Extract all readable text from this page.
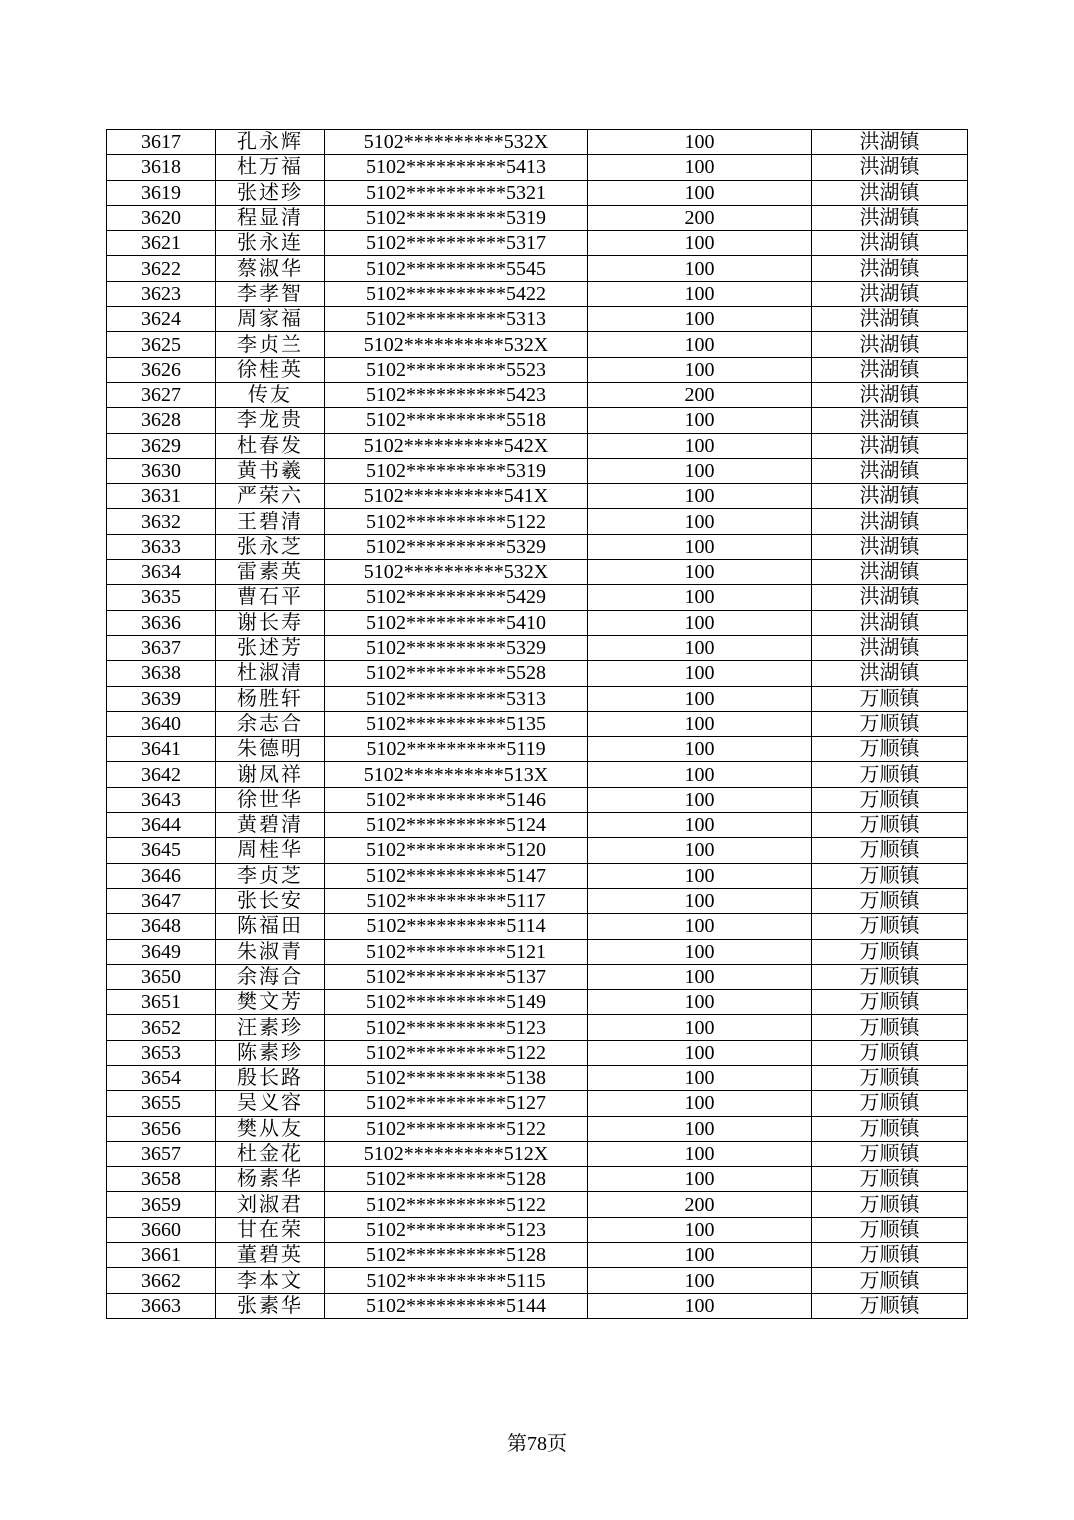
3617	孔永辉	5102**********532X	100	洪湖镇
3618	杜万福	5102**********5413	100	洪湖镇
3619	张述珍	5102**********5321	100	洪湖镇
3620	程显清	5102**********5319	200	洪湖镇
3621	张永连	5102**********5317	100	洪湖镇
3622	蔡淑华	5102**********5545	100	洪湖镇
3623	李孝智	5102**********5422	100	洪湖镇
3624	周家福	5102**********5313	100	洪湖镇
3625	李贞兰	5102**********532X	100	洪湖镇
3626	徐桂英	5102**********5523	100	洪湖镇
3627	传友	5102**********5423	200	洪湖镇
3628	李龙贵	5102**********5518	100	洪湖镇
3629	杜春发	5102**********542X	100	洪湖镇
3630	黄书羲	5102**********5319	100	洪湖镇
3631	严荣六	5102**********541X	100	洪湖镇
3632	王碧清	5102**********5122	100	洪湖镇
3633	张永芝	5102**********5329	100	洪湖镇
3634	雷素英	5102**********532X	100	洪湖镇
3635	曹石平	5102**********5429	100	洪湖镇
3636	谢长寿	5102**********5410	100	洪湖镇
3637	张述芳	5102**********5329	100	洪湖镇
3638	杜淑清	5102**********5528	100	洪湖镇
3639	杨胜轩	5102**********5313	100	万顺镇
3640	余志合	5102**********5135	100	万顺镇
3641	朱德明	5102**********5119	100	万顺镇
3642	谢凤祥	5102**********513X	100	万顺镇
3643	徐世华	5102**********5146	100	万顺镇
3644	黄碧清	5102**********5124	100	万顺镇
3645	周桂华	5102**********5120	100	万顺镇
3646	李贞芝	5102**********5147	100	万顺镇
3647	张长安	5102**********5117	100	万顺镇
3648	陈福田	5102**********5114	100	万顺镇
3649	朱淑青	5102**********5121	100	万顺镇
3650	余海合	5102**********5137	100	万顺镇
3651	樊文芳	5102**********5149	100	万顺镇
3652	汪素珍	5102**********5123	100	万顺镇
3653	陈素珍	5102**********5122	100	万顺镇
3654	殷长路	5102**********5138	100	万顺镇
3655	吴义容	5102**********5127	100	万顺镇
3656	樊从友	5102**********5122	100	万顺镇
3657	杜金花	5102**********512X	100	万顺镇
3658	杨素华	5102**********5128	100	万顺镇
3659	刘淑君	5102**********5122	200	万顺镇
3660	甘在荣	5102**********5123	100	万顺镇
3661	董碧英	5102**********5128	100	万顺镇
3662	李本文	5102**********5115	100	万顺镇
3663	张素华	5102**********5144	100	万顺镇
第78页
